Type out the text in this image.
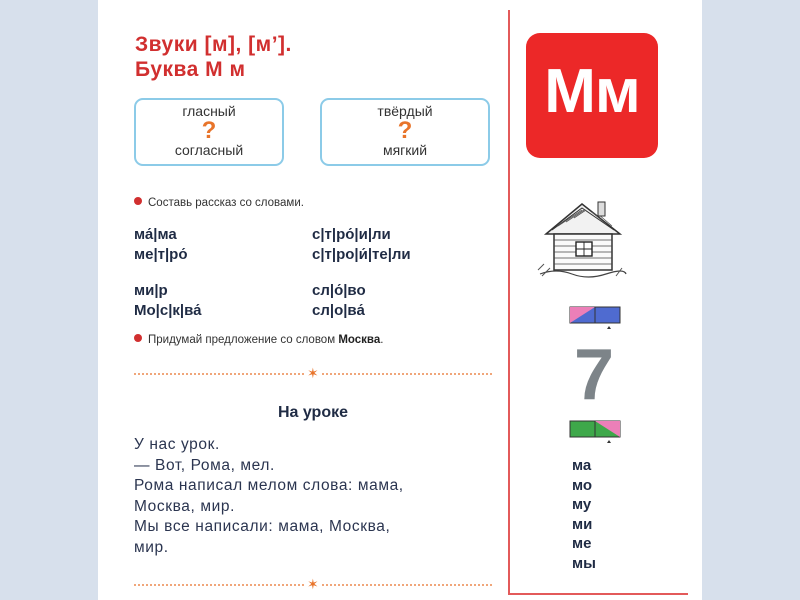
Звуки [м], [м’].
Буква М м
гласный
?
согласный
твёрдый
?
мягкий
Составь рассказ со словами.
ма́|ма
ме|т|ро́
с|т|ро́|и|ли
с|т|ро|и́|те|ли
ми|р
Мо|с|к|ва́
сл|о́|во
сл|о|ва́
Придумай предложение со словом Москва.
✶
На уроке
У нас урок.
— Вот, Рома, мел.
Рома написал мелом слова: мама,
Москва, мир.
Мы все написали: мама, Москва,
мир.
✶
Мм
7
ма
мо
му
ми
ме
мы
